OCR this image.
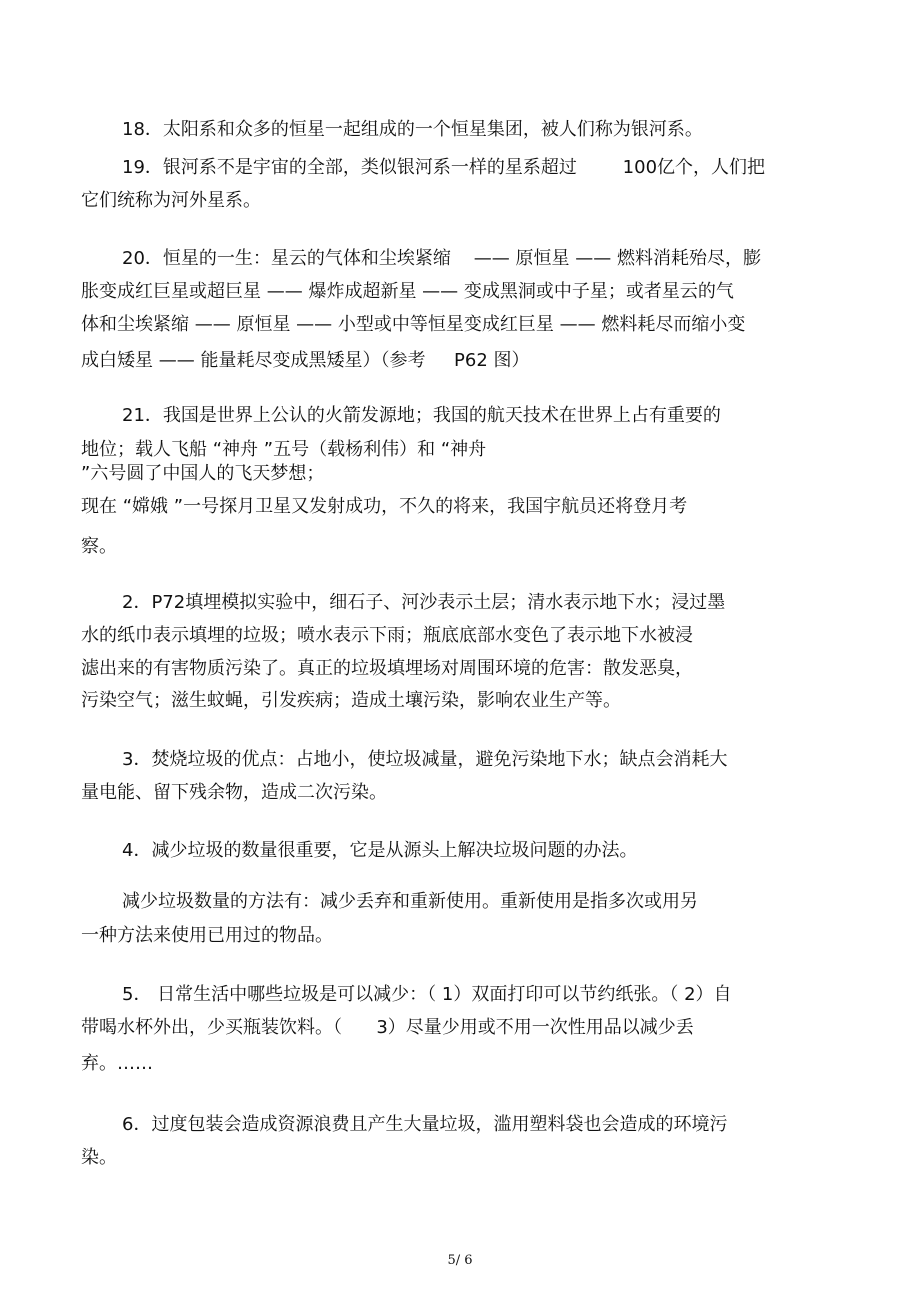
18．太阳系和众多的恒星一起组成的一个恒星集团，被人们称为银河系。

19．银河系不是宇宙的全部，类似银河系一样的星系超过        100亿个，人们把

它们统称为河外星系。

20．恒星的一生：星云的气体和尘埃紧缩    —— 原恒星 —— 燃料消耗殆尽，膨

胀变成红巨星或超巨星 —— 爆炸成超新星 —— 变成黑洞或中子星；或者星云的气

体和尘埃紧缩 —— 原恒星 —— 小型或中等恒星变成红巨星 —— 燃料耗尽而缩小变

成白矮星 —— 能量耗尽变成黑矮星）（参考     P62 图）

21．我国是世界上公认的火箭发源地；我国的航天技术在世界上占有重要的

地位；载人飞船 “神舟 ”五号（载杨利伟）和 “神舟

”六号圆了中国人的飞天梦想；

现在 “嫦娥 ”一号探月卫星又发射成功，不久的将来，我国宇航员还将登月考

察。

2．P72填埋模拟实验中，细石子、河沙表示土层；清水表示地下水；浸过墨

水的纸巾表示填埋的垃圾；喷水表示下雨；瓶底底部水变色了表示地下水被浸

滤出来的有害物质污染了。真正的垃圾填埋场对周围环境的危害：散发恶臭，

污染空气；滋生蚊蝇，引发疾病；造成土壤污染，影响农业生产等。

3．焚烧垃圾的优点：占地小，使垃圾减量，避免污染地下水；缺点会消耗大

量电能、留下残余物，造成二次污染。

4．减少垃圾的数量很重要，它是从源头上解决垃圾问题的办法。

减少垃圾数量的方法有：减少丢弃和重新使用。重新使用是指多次或用另

一种方法来使用已用过的物品。

5． 日常生活中哪些垃圾是可以减少：（ 1）双面打印可以节约纸张。（ 2）自

带喝水杯外出，少买瓶装饮料。（      3）尽量少用或不用一次性用品以减少丢

弃。……

6．过度包装会造成资源浪费且产生大量垃圾，滥用塑料袋也会造成的环境污

染。

5/ 6
